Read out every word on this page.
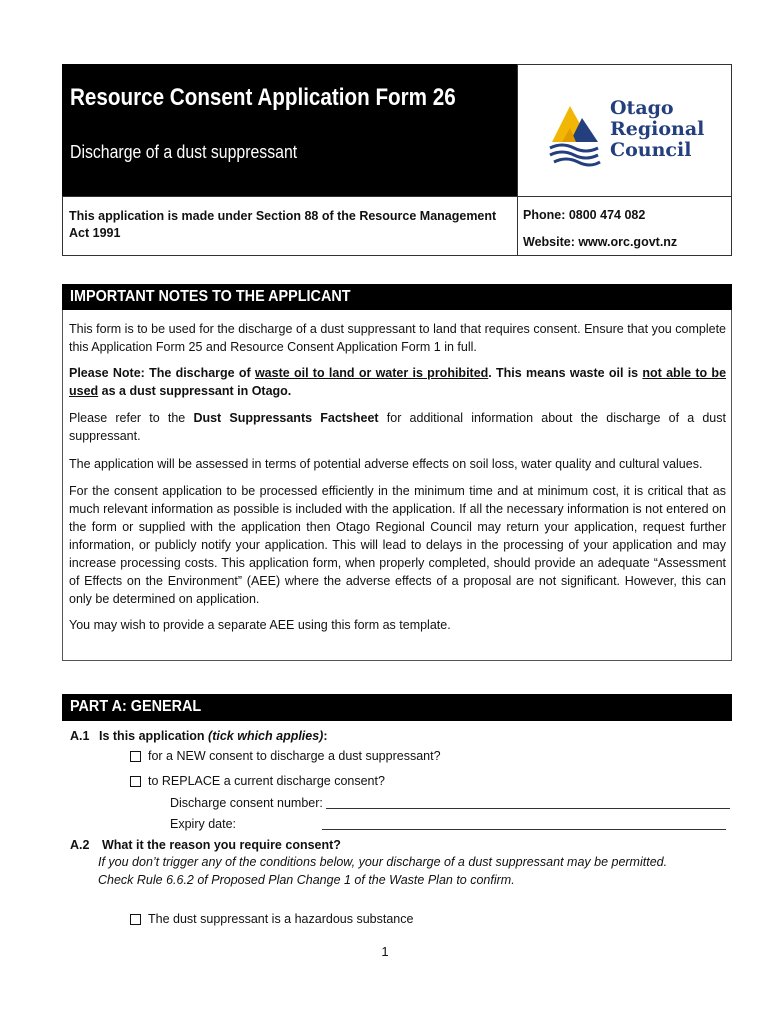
Resource Consent Application Form 26
Discharge of a dust suppressant
Otago
Regional
Council
This application is made under Section 88 of the Resource Management Act 1991
Phone: 0800 474 082
Website: www.orc.govt.nz
IMPORTANT NOTES TO THE APPLICANT
This form is to be used for the discharge of a dust suppressant to land that requires consent. Ensure that you complete this Application Form 25 and Resource Consent Application Form 1 in full.
Please Note: The discharge of waste oil to land or water is prohibited. This means waste oil is not able to be used as a dust suppressant in Otago.
Please refer to the Dust Suppressants Factsheet for additional information about the discharge of a dust suppressant.
The application will be assessed in terms of potential adverse effects on soil loss, water quality and cultural values.
For the consent application to be processed efficiently in the minimum time and at minimum cost, it is critical that as much relevant information as possible is included with the application. If all the necessary information is not entered on the form or supplied with the application then Otago Regional Council may return your application, request further information, or publicly notify your application. This will lead to delays in the processing of your application and may increase processing costs. This application form, when properly completed, should provide an adequate “Assessment of Effects on the Environment” (AEE) where the adverse effects of a proposal are not significant. However, this can only be determined on application.
You may wish to provide a separate AEE using this form as template.
PART A: GENERAL
A.1 Is this application (tick which applies):
for a NEW consent to discharge a dust suppressant?
to REPLACE a current discharge consent?
Discharge consent number:
Expiry date:
A.2 What it the reason you require consent?
If you don’t trigger any of the conditions below, your discharge of a dust suppressant may be permitted.
Check Rule 6.6.2 of Proposed Plan Change 1 of the Waste Plan to confirm.
The dust suppressant is a hazardous substance
1
